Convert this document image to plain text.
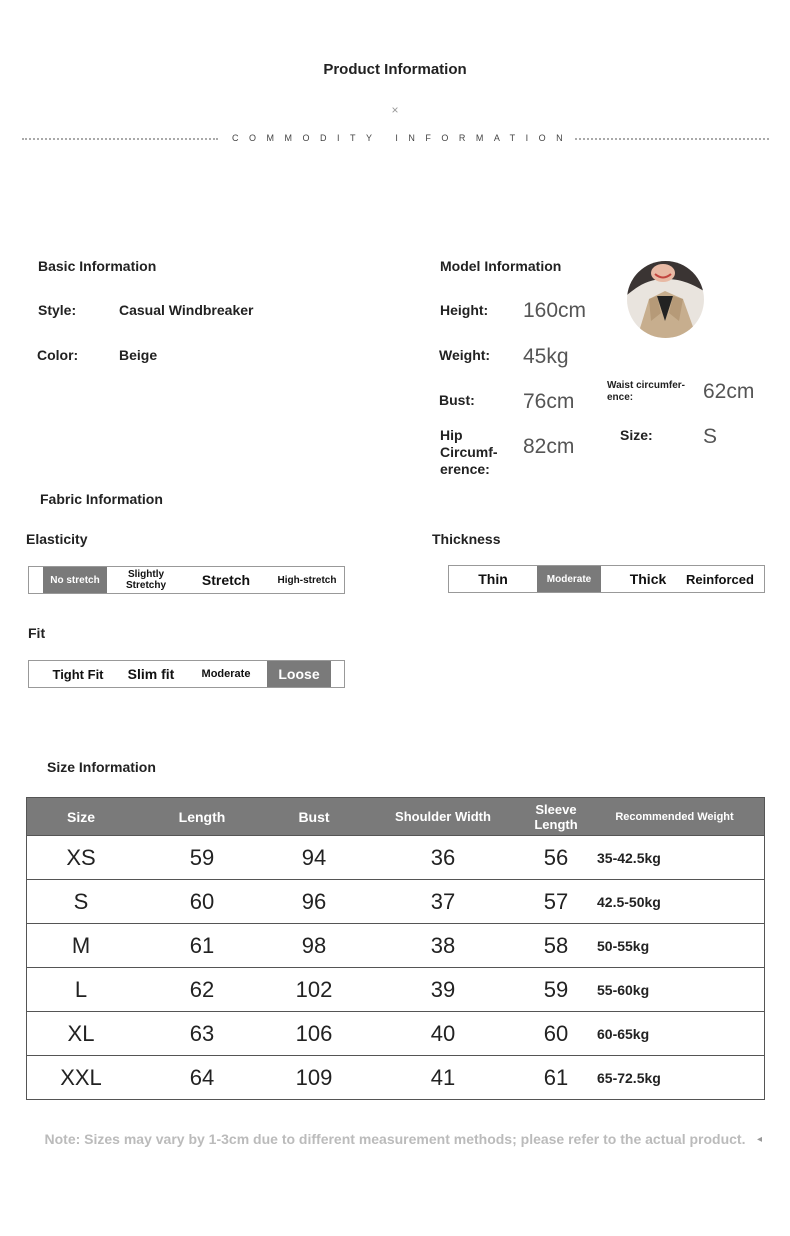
Product Information
×
COMMODITY INFORMATION
Basic Information
Style:	Casual Windbreaker
Color:	Beige
Model Information
Height: 160cm
Weight: 45kg
Bust: 76cm
Hip Circumf-erence:
82cm
Waist circumfer-ence:	62cm
Size: S
Fabric Information
Elasticity
No stretch	Slightly Stretchy	Stretch	High-stretch
Thickness
Thin	Moderate	Thick	Reinforced
Fit
Tight Fit	Slim fit	Moderate	Loose
Size Information
Size	Length	Bust	Shoulder Width	Sleeve Length	Recommended Weight
XS	59	94	36	56	35-42.5kg
S	60	96	37	57	42.5-50kg
M	61	98	38	58	50-55kg
L	62	102	39	59	55-60kg
XL	63	106	40	60	60-65kg
XXL	64	109	41	61	65-72.5kg
Note: Sizes may vary by 1-3cm due to different measurement methods; please refer to the actual product.	◂
